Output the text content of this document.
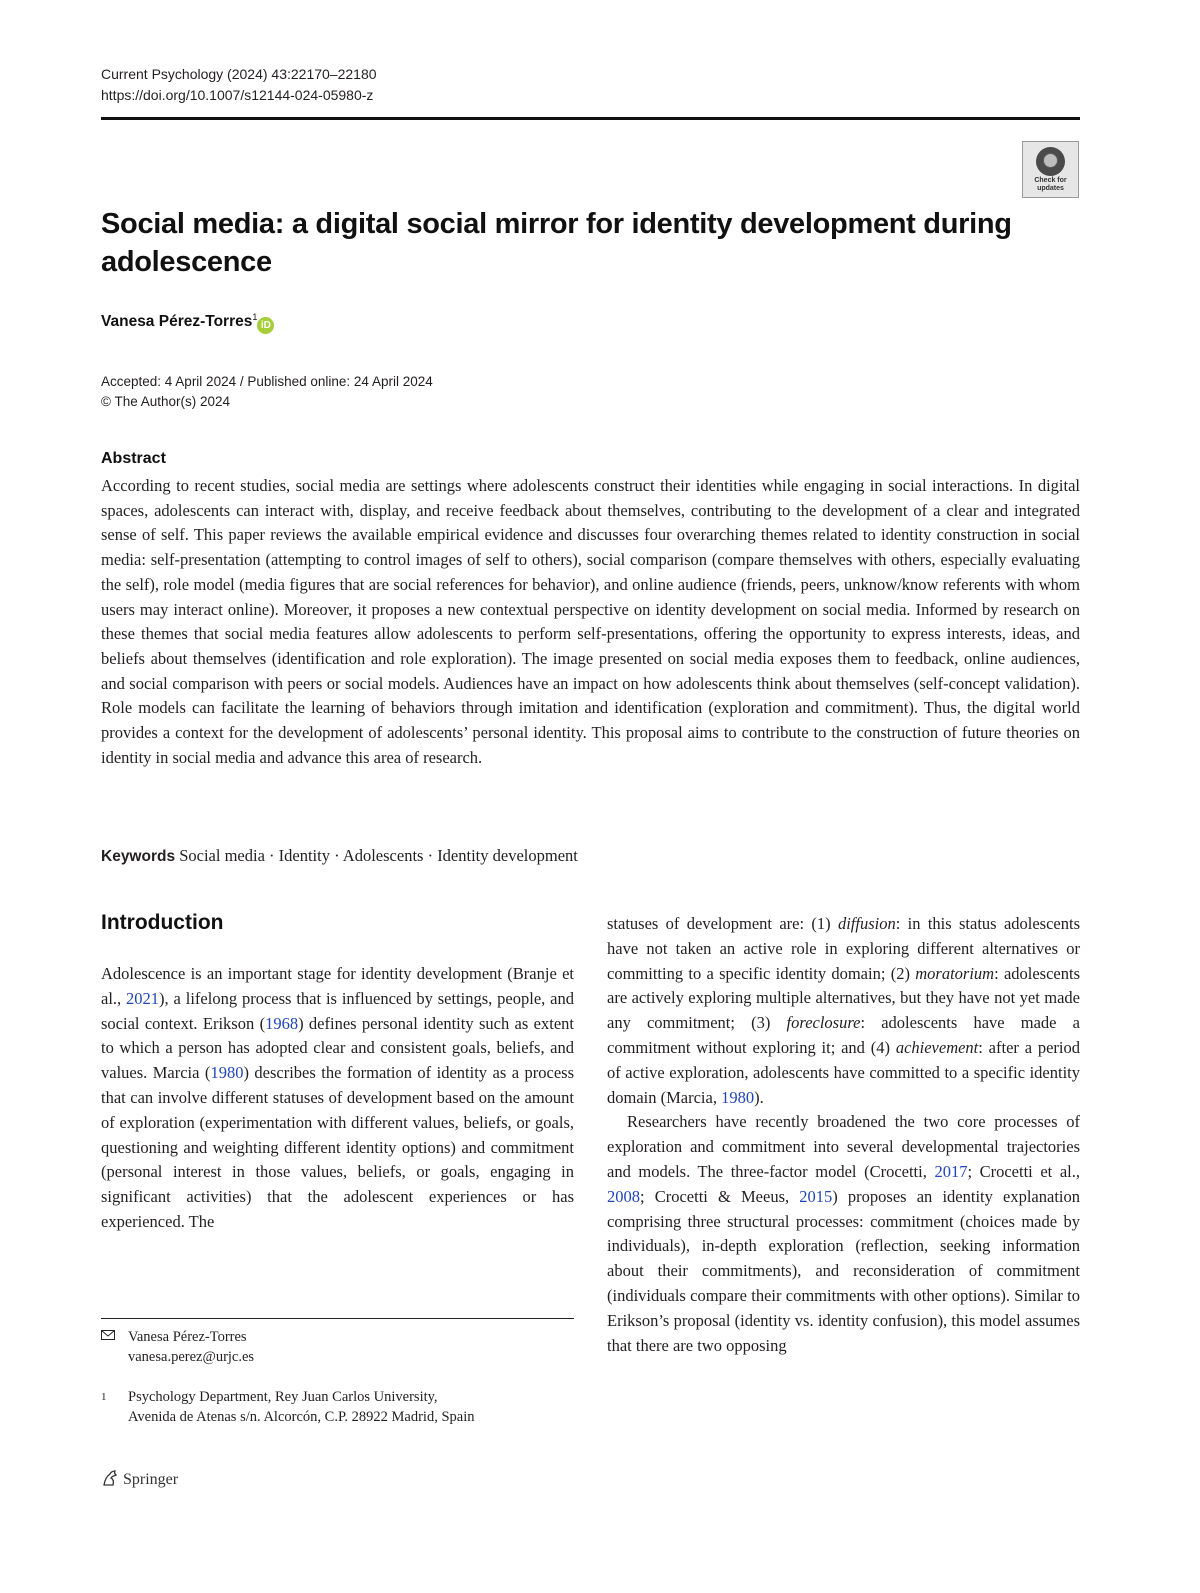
Current Psychology (2024) 43:22170–22180
https://doi.org/10.1007/s12144-024-05980-z
Check for updates
Social media: a digital social mirror for identity development during adolescence
Vanesa Pérez-Torres$^1$iD
Accepted: 4 April 2024 / Published online: 24 April 2024
© The Author(s) 2024
Abstract
According to recent studies, social media are settings where adolescents construct their identities while engaging in social interactions. In digital spaces, adolescents can interact with, display, and receive feedback about themselves, contributing to the development of a clear and integrated sense of self. This paper reviews the available empirical evidence and discusses four overarching themes related to identity construction in social media: self-presentation (attempting to control images of self to others), social comparison (compare themselves with others, especially evaluating the self), role model (media figures that are social references for behavior), and online audience (friends, peers, unknow/know referents with whom users may interact online). Moreover, it proposes a new contextual perspective on identity development on social media. Informed by research on these themes that social media features allow adolescents to perform self-presentations, offering the opportunity to express interests, ideas, and beliefs about themselves (identification and role exploration). The image presented on social media exposes them to feedback, online audiences, and social comparison with peers or social models. Audiences have an impact on how adolescents think about themselves (self-concept validation). Role models can facilitate the learning of behaviors through imitation and identification (exploration and commitment). Thus, the digital world provides a context for the development of adolescents’ personal identity. This proposal aims to contribute to the construction of future theories on identity in social media and advance this area of research.
Keywords Social media · Identity · Adolescents · Identity development
Introduction

Adolescence is an important stage for identity development (Branje et al., 2021), a lifelong process that is influenced by settings, people, and social context. Erikson (1968) defines personal identity such as extent to which a person has adopted clear and consistent goals, beliefs, and values. Marcia (1980) describes the formation of identity as a process that can involve different statuses of development based on the amount of exploration (experimentation with different values, beliefs, or goals, questioning and weighting different identity options) and commitment (personal interest in those values, beliefs, or goals, engaging in significant activities) that the adolescent experiences or has experienced. The

statuses of development are: (1) diffusion: in this status adolescents have not taken an active role in exploring different alternatives or committing to a specific identity domain; (2) moratorium: adolescents are actively exploring multiple alternatives, but they have not yet made any commitment; (3) foreclosure: adolescents have made a commitment without exploring it; and (4) achievement: after a period of active exploration, adolescents have committed to a specific identity domain (Marcia, 1980).

Researchers have recently broadened the two core processes of exploration and commitment into several developmental trajectories and models. The three-factor model (Crocetti, 2017; Crocetti et al., 2008; Crocetti & Meeus, 2015) proposes an identity explanation comprising three structural processes: commitment (choices made by individuals), in-depth exploration (reflection, seeking information about their commitments), and reconsideration of commitment (individuals compare their commitments with other options). Similar to Erikson’s proposal (identity vs. identity confusion), this model assumes that there are two opposing

Vanesa Pérez-Torres
vanesa.perez@urjc.es
1 Psychology Department, Rey Juan Carlos University,
Avenida de Atenas s/n. Alcorcón, C.P. 28922 Madrid, Spain
Springer
